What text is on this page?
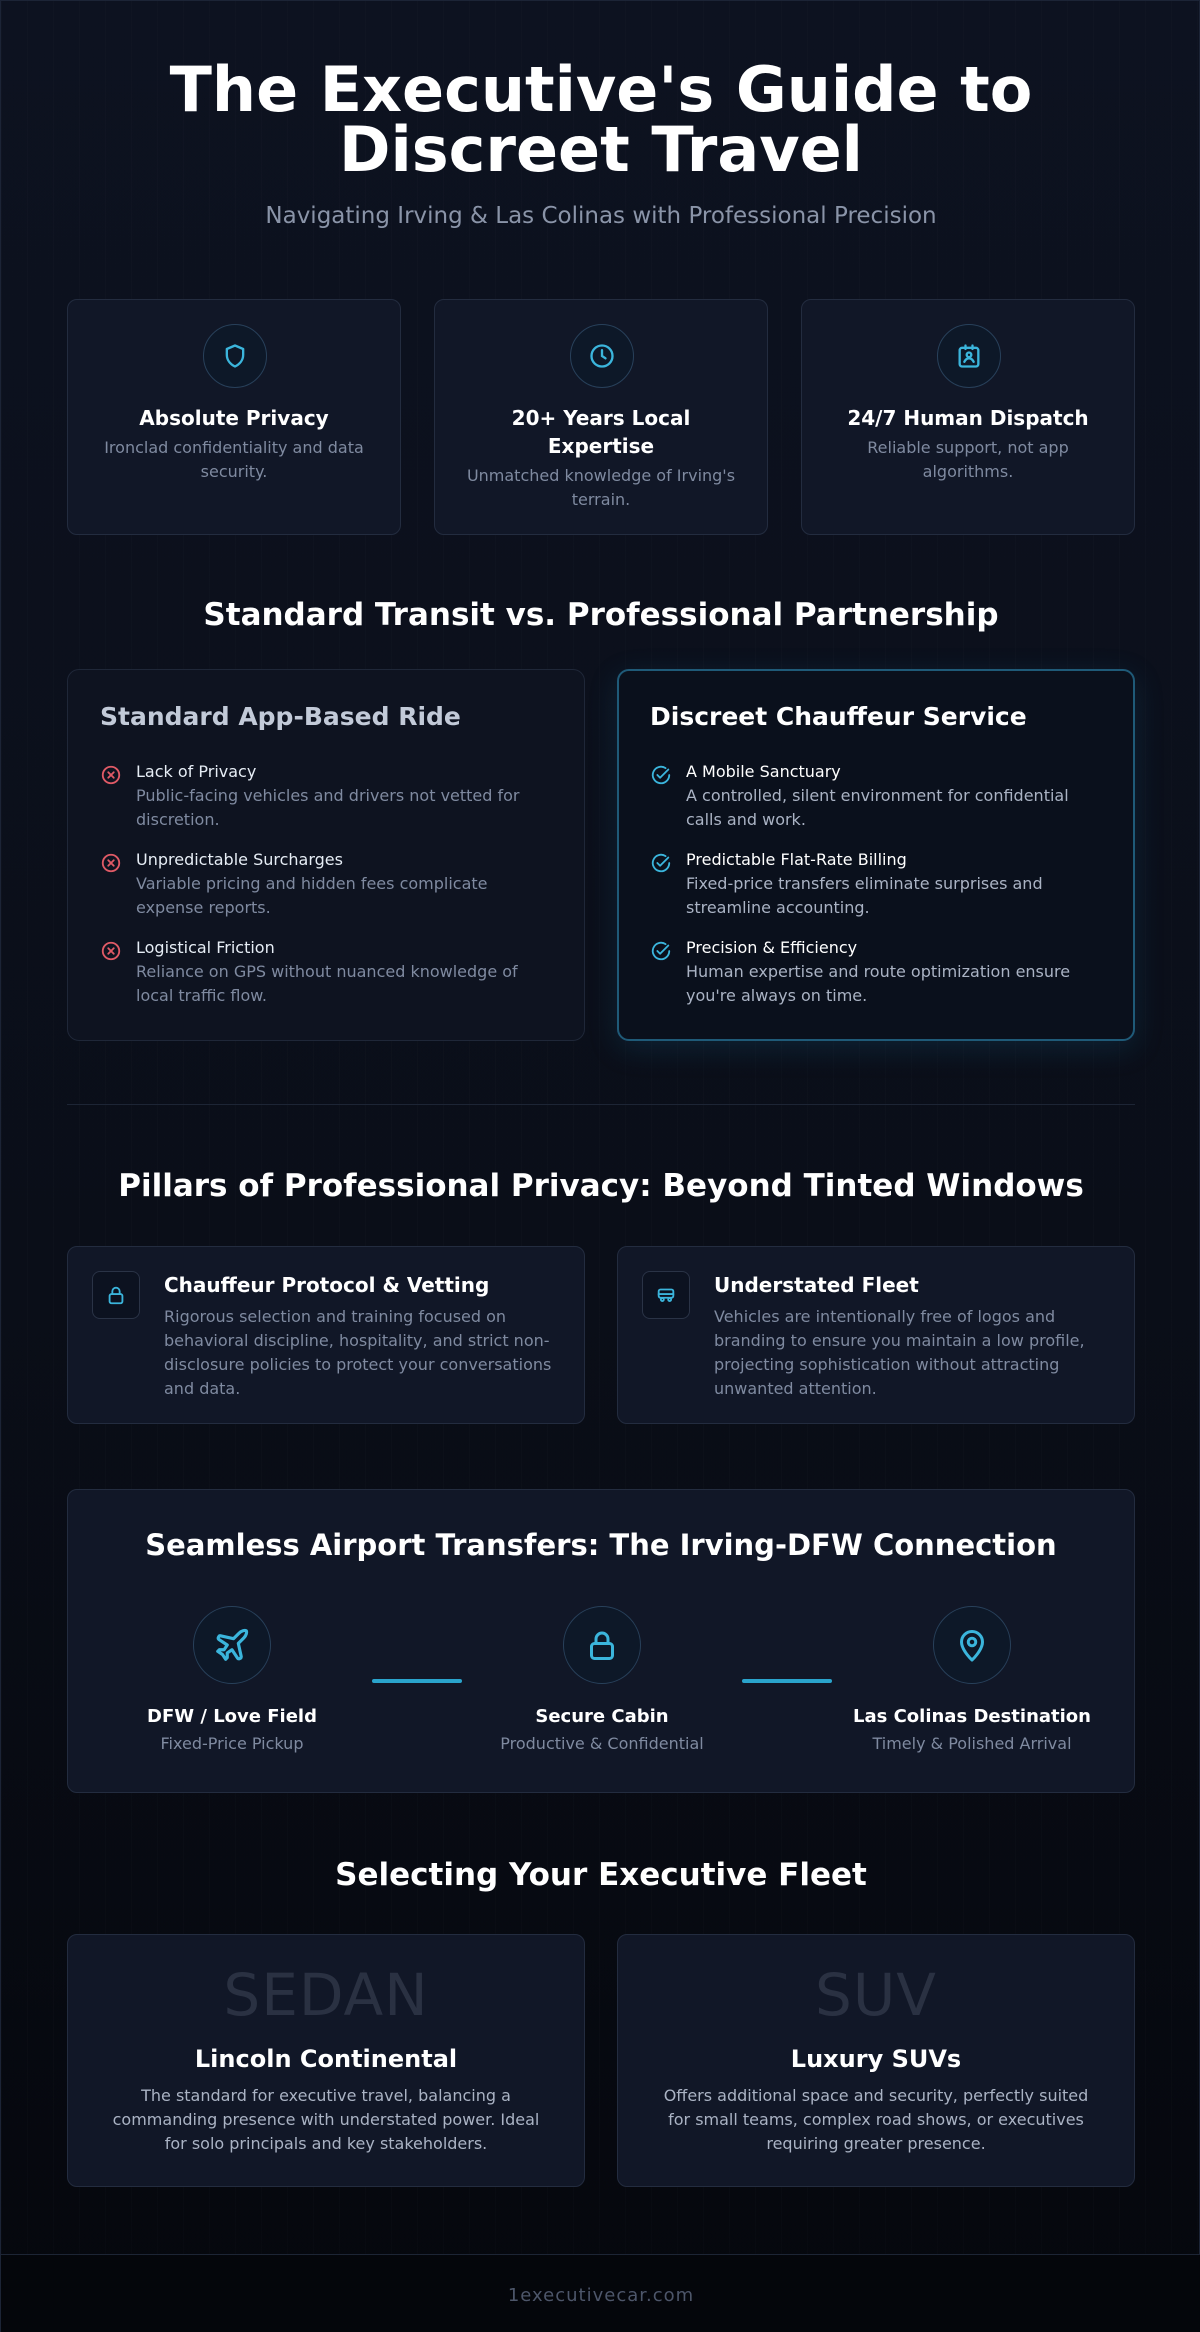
The Executive's Guide to
Discreet Travel
Navigating Irving & Las Colinas with Professional Precision
Absolute Privacy
Ironclad confidentiality and data security.
20+ Years Local Expertise
Unmatched knowledge of Irving's terrain.
24/7 Human Dispatch
Reliable support, not app algorithms.
Standard Transit vs. Professional Partnership
Standard App-Based Ride
Lack of Privacy
Public-facing vehicles and drivers not vetted for discretion.
Unpredictable Surcharges
Variable pricing and hidden fees complicate expense reports.
Logistical Friction
Reliance on GPS without nuanced knowledge of local traffic flow.
Discreet Chauffeur Service
A Mobile Sanctuary
A controlled, silent environment for confidential calls and work.
Predictable Flat-Rate Billing
Fixed-price transfers eliminate surprises and streamline accounting.
Precision & Efficiency
Human expertise and route optimization ensure you're always on time.
Pillars of Professional Privacy: Beyond Tinted Windows
Chauffeur Protocol & Vetting
Rigorous selection and training focused on behavioral discipline, hospitality, and strict non-disclosure policies to protect your conversations and data.
Understated Fleet
Vehicles are intentionally free of logos and branding to ensure you maintain a low profile, projecting sophistication without attracting unwanted attention.
Seamless Airport Transfers: The Irving-DFW Connection
DFW / Love Field
Fixed-Price Pickup
Secure Cabin
Productive & Confidential
Las Colinas Destination
Timely & Polished Arrival
Selecting Your Executive Fleet
SEDAN
Lincoln Continental
The standard for executive travel, balancing a commanding presence with understated power. Ideal for solo principals and key stakeholders.
SUV
Luxury SUVs
Offers additional space and security, perfectly suited for small teams, complex road shows, or executives requiring greater presence.
1executivecar.com
